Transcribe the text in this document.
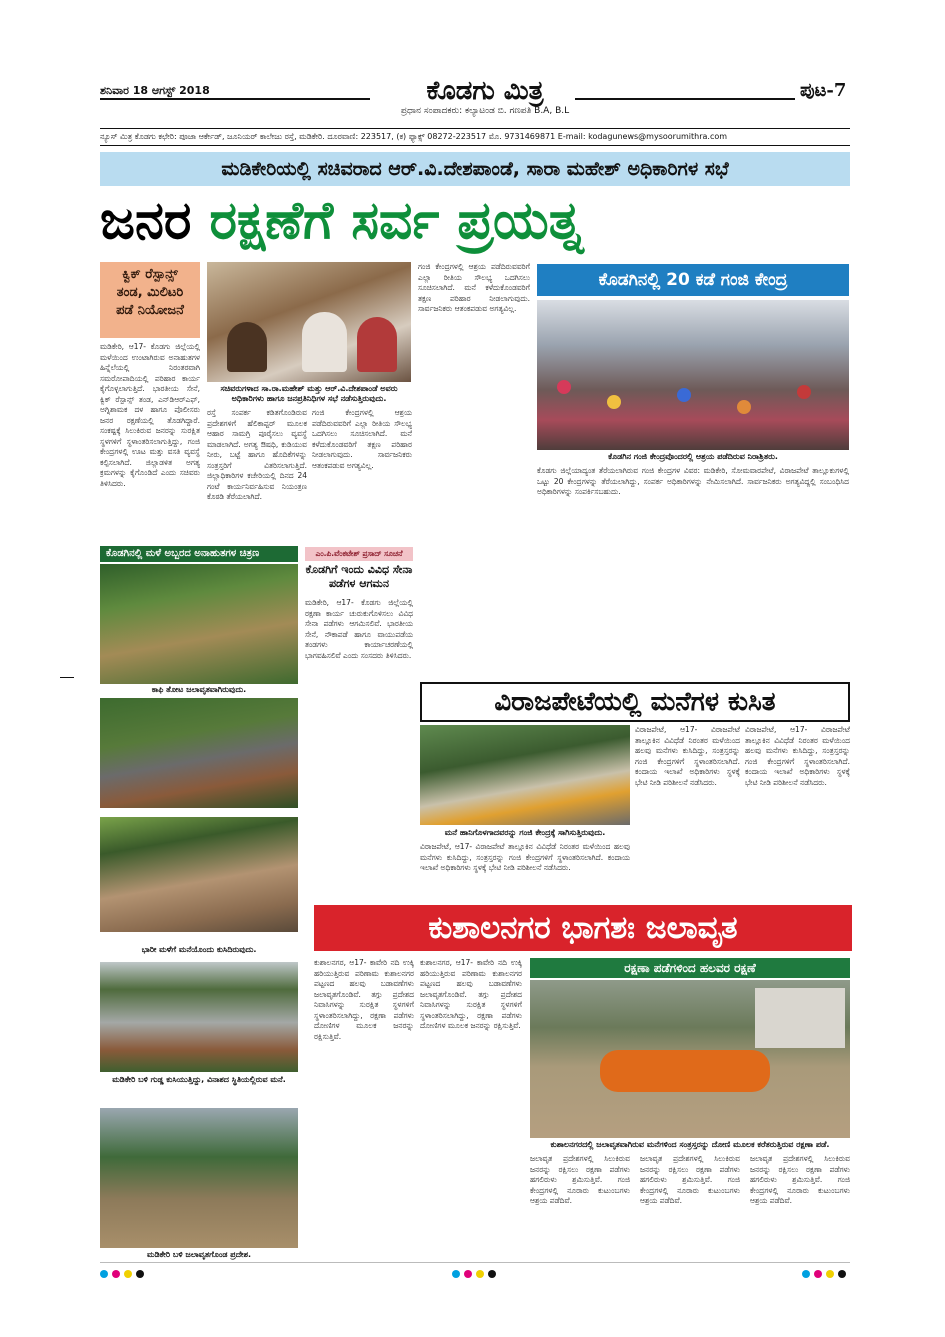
ಶನಿವಾರ 18 ಆಗಸ್ಟ್ 2018	ಕೊಡಗು ಮಿತ್ರ	ಪುಟ-7
ಪ್ರಧಾನ ಸಂಪಾದಕರು: ಕಲ್ಯಾಟಂಡ ಬಿ. ಗಣಪತಿ B.A, B.L
ನ್ಯೂಸ್ ಮಿತ್ರ ಕೊಡಗು ಕಛೇರಿ: ಪೂಜಾ ಆರ್ಕೇಡ್, ಜೂನಿಯರ್ ಕಾಲೇಜು ರಸ್ತೆ, ಮಡಿಕೇರಿ. ದೂರವಾಣಿ: 223517, (ಕ) ಫ್ಯಾಕ್ಸ್ 08272-223517 ಮೊ. 9731469871 E-mail: kodagunews@mysoorumithra.com
ಮಡಿಕೇರಿಯಲ್ಲಿ ಸಚಿವರಾದ ಆರ್.ವಿ.ದೇಶಪಾಂಡೆ, ಸಾರಾ ಮಹೇಶ್ ಅಧಿಕಾರಿಗಳ ಸಭೆ
ಜನರ ರಕ್ಷಣೆಗೆ ಸರ್ವ ಪ್ರಯತ್ನ
ಕ್ವಿಕ್ ರೆಸ್ಪಾನ್ಸ್
ತಂಡ, ಮಿಲಿಟರಿ
ಪಡೆ ನಿಯೋಜನೆ
ಮಡಿಕೇರಿ, ಆ17- ಕೊಡಗು ಜಿಲ್ಲೆಯಲ್ಲಿ ಮಳೆಯಿಂದ ಉಂಟಾಗಿರುವ ಅನಾಹುತಗಳ ಹಿನ್ನೆಲೆಯಲ್ಲಿ ನಿರಂತರವಾಗಿ ಸಮರೋಪಾದಿಯಲ್ಲಿ ಪರಿಹಾರ ಕಾರ್ಯ ಕೈಗೊಳ್ಳಲಾಗುತ್ತಿದೆ. ಭಾರತೀಯ ಸೇನೆ, ಕ್ವಿಕ್ ರೆಸ್ಪಾನ್ಸ್ ತಂಡ, ಎನ್‌ಡಿಆರ್‌ಎಫ್, ಅಗ್ನಿಶಾಮಕ ದಳ ಹಾಗೂ ಪೊಲೀಸರು ಜನರ ರಕ್ಷಣೆಯಲ್ಲಿ ತೊಡಗಿದ್ದಾರೆ. ಸಂಕಷ್ಟಕ್ಕೆ ಸಿಲುಕಿರುವ ಜನರನ್ನು ಸುರಕ್ಷಿತ ಸ್ಥಳಗಳಿಗೆ ಸ್ಥಳಾಂತರಿಸಲಾಗುತ್ತಿದ್ದು, ಗಂಜಿ ಕೇಂದ್ರಗಳಲ್ಲಿ ಊಟ ಮತ್ತು ವಸತಿ ವ್ಯವಸ್ಥೆ ಕಲ್ಪಿಸಲಾಗಿದೆ. ಜಿಲ್ಲಾಡಳಿತ ಅಗತ್ಯ ಕ್ರಮಗಳನ್ನು ಕೈಗೊಂಡಿದೆ ಎಂದು ಸಚಿವರು ತಿಳಿಸಿದರು.
ಸಚಿವರುಗಳಾದ ಸಾ.ರಾ.ಮಹೇಶ್ ಮತ್ತು ಆರ್.ವಿ.ದೇಶಪಾಂಡೆ ಅವರು ಅಧಿಕಾರಿಗಳು ಹಾಗೂ ಜನಪ್ರತಿನಿಧಿಗಳ ಸಭೆ ನಡೆಸುತ್ತಿರುವುದು.
ರಸ್ತೆ ಸಂಪರ್ಕ ಕಡಿತಗೊಂಡಿರುವ ಪ್ರದೇಶಗಳಿಗೆ ಹೆಲಿಕಾಪ್ಟರ್ ಮೂಲಕ ಆಹಾರ ಸಾಮಗ್ರಿ ಪೂರೈಸಲು ವ್ಯವಸ್ಥೆ ಮಾಡಲಾಗಿದೆ. ಅಗತ್ಯ ಔಷಧಿ, ಕುಡಿಯುವ ನೀರು, ಬಟ್ಟೆ ಹಾಗೂ ಹೊದಿಕೆಗಳನ್ನು ಸಂತ್ರಸ್ತರಿಗೆ ವಿತರಿಸಲಾಗುತ್ತಿದೆ. ಜಿಲ್ಲಾಧಿಕಾರಿಗಳ ಕಚೇರಿಯಲ್ಲಿ ದಿನದ 24 ಗಂಟೆ ಕಾರ್ಯನಿರ್ವಹಿಸುವ ನಿಯಂತ್ರಣ ಕೊಠಡಿ ತೆರೆಯಲಾಗಿದೆ.
ಗಂಜಿ ಕೇಂದ್ರಗಳಲ್ಲಿ ಆಶ್ರಯ ಪಡೆದಿರುವವರಿಗೆ ಎಲ್ಲಾ ರೀತಿಯ ಸೌಲಭ್ಯ ಒದಗಿಸಲು ಸೂಚಿಸಲಾಗಿದೆ. ಮನೆ ಕಳೆದುಕೊಂಡವರಿಗೆ ತಕ್ಷಣ ಪರಿಹಾರ ನೀಡಲಾಗುವುದು. ಸಾರ್ವಜನಿಕರು ಆತಂಕಪಡುವ ಅಗತ್ಯವಿಲ್ಲ.
ಗಂಜಿ ಕೇಂದ್ರಗಳಲ್ಲಿ ಆಶ್ರಯ ಪಡೆದಿರುವವರಿಗೆ ಎಲ್ಲಾ ರೀತಿಯ ಸೌಲಭ್ಯ ಒದಗಿಸಲು ಸೂಚಿಸಲಾಗಿದೆ. ಮನೆ ಕಳೆದುಕೊಂಡವರಿಗೆ ತಕ್ಷಣ ಪರಿಹಾರ ನೀಡಲಾಗುವುದು. ಸಾರ್ವಜನಿಕರು ಆತಂಕಪಡುವ ಅಗತ್ಯವಿಲ್ಲ.
ಕೊಡಗಿನಲ್ಲಿ 20 ಕಡೆ ಗಂಜಿ ಕೇಂದ್ರ
ಕೊಡಗಿನ ಗಂಜಿ ಕೇಂದ್ರವೊಂದರಲ್ಲಿ ಆಶ್ರಯ ಪಡೆದಿರುವ ನಿರಾಶ್ರಿತರು.
ಕೊಡಗು ಜಿಲ್ಲೆಯಾದ್ಯಂತ ತೆರೆಯಲಾಗಿರುವ ಗಂಜಿ ಕೇಂದ್ರಗಳ ವಿವರ: ಮಡಿಕೇರಿ, ಸೋಮವಾರಪೇಟೆ, ವಿರಾಜಪೇಟೆ ತಾಲ್ಲೂಕುಗಳಲ್ಲಿ ಒಟ್ಟು 20 ಕೇಂದ್ರಗಳನ್ನು ತೆರೆಯಲಾಗಿದ್ದು, ಸಂಪರ್ಕ ಅಧಿಕಾರಿಗಳನ್ನು ನೇಮಿಸಲಾಗಿದೆ. ಸಾರ್ವಜನಿಕರು ಅಗತ್ಯವಿದ್ದಲ್ಲಿ ಸಂಬಂಧಿಸಿದ ಅಧಿಕಾರಿಗಳನ್ನು ಸಂಪರ್ಕಿಸಬಹುದು.
ಕೊಡಗಿನಲ್ಲಿ ಮಳೆ ಅಬ್ಬರದ ಅನಾಹುತಗಳ ಚಿತ್ರಣ
ಕಾಫಿ ತೋಟ ಜಲಾವೃತವಾಗಿರುವುದು.
ಭಾರೀ ಮಳೆಗೆ ಮನೆಯೊಂದು ಕುಸಿದಿರುವುದು.
ಮಡಿಕೇರಿ ಬಳಿ ಗುಡ್ಡ ಕುಸಿಯುತ್ತಿದ್ದು, ವಿನಾಶದ ಸ್ಥಿತಿಯಲ್ಲಿರುವ ಮನೆ.
ಮಡಿಕೇರಿ ಬಳಿ ಜಲಾವೃತಗೊಂಡ ಪ್ರದೇಶ.
ಎಂ.ಪಿ.ವೆಂಕಟೇಶ್ ಪ್ರಸಾದ್ ಸೂಚನೆ
ಕೊಡಗಿಗೆ ಇಂದು ವಿವಿಧ ಸೇನಾ ಪಡೆಗಳ ಆಗಮನ
ಮಡಿಕೇರಿ, ಆ17- ಕೊಡಗು ಜಿಲ್ಲೆಯಲ್ಲಿ ರಕ್ಷಣಾ ಕಾರ್ಯ ಚುರುಕುಗೊಳಿಸಲು ವಿವಿಧ ಸೇನಾ ಪಡೆಗಳು ಆಗಮಿಸಲಿವೆ. ಭಾರತೀಯ ಸೇನೆ, ನೌಕಾಪಡೆ ಹಾಗೂ ವಾಯುಪಡೆಯ ತಂಡಗಳು ಕಾರ್ಯಾಚರಣೆಯಲ್ಲಿ ಭಾಗವಹಿಸಲಿವೆ ಎಂದು ಸಂಸದರು ತಿಳಿಸಿದರು.
ವಿರಾಜಪೇಟೆಯಲ್ಲಿ ಮನೆಗಳ ಕುಸಿತ
ಮನೆ ಹಾನಿಗೊಳಗಾದವರನ್ನು ಗಂಜಿ ಕೇಂದ್ರಕ್ಕೆ ಸಾಗಿಸುತ್ತಿರುವುದು.
ವಿರಾಜಪೇಟೆ, ಆ17- ವಿರಾಜಪೇಟೆ ತಾಲ್ಲೂಕಿನ ವಿವಿಧೆಡೆ ನಿರಂತರ ಮಳೆಯಿಂದ ಹಲವು ಮನೆಗಳು ಕುಸಿದಿದ್ದು, ಸಂತ್ರಸ್ತರನ್ನು ಗಂಜಿ ಕೇಂದ್ರಗಳಿಗೆ ಸ್ಥಳಾಂತರಿಸಲಾಗಿದೆ. ಕಂದಾಯ ಇಲಾಖೆ ಅಧಿಕಾರಿಗಳು ಸ್ಥಳಕ್ಕೆ ಭೇಟಿ ನೀಡಿ ಪರಿಶೀಲನೆ ನಡೆಸಿದರು.
ವಿರಾಜಪೇಟೆ, ಆ17- ವಿರಾಜಪೇಟೆ ತಾಲ್ಲೂಕಿನ ವಿವಿಧೆಡೆ ನಿರಂತರ ಮಳೆಯಿಂದ ಹಲವು ಮನೆಗಳು ಕುಸಿದಿದ್ದು, ಸಂತ್ರಸ್ತರನ್ನು ಗಂಜಿ ಕೇಂದ್ರಗಳಿಗೆ ಸ್ಥಳಾಂತರಿಸಲಾಗಿದೆ. ಕಂದಾಯ ಇಲಾಖೆ ಅಧಿಕಾರಿಗಳು ಸ್ಥಳಕ್ಕೆ ಭೇಟಿ ನೀಡಿ ಪರಿಶೀಲನೆ ನಡೆಸಿದರು.
ವಿರಾಜಪೇಟೆ, ಆ17- ವಿರಾಜಪೇಟೆ ತಾಲ್ಲೂಕಿನ ವಿವಿಧೆಡೆ ನಿರಂತರ ಮಳೆಯಿಂದ ಹಲವು ಮನೆಗಳು ಕುಸಿದಿದ್ದು, ಸಂತ್ರಸ್ತರನ್ನು ಗಂಜಿ ಕೇಂದ್ರಗಳಿಗೆ ಸ್ಥಳಾಂತರಿಸಲಾಗಿದೆ. ಕಂದಾಯ ಇಲಾಖೆ ಅಧಿಕಾರಿಗಳು ಸ್ಥಳಕ್ಕೆ ಭೇಟಿ ನೀಡಿ ಪರಿಶೀಲನೆ ನಡೆಸಿದರು.
ಕುಶಾಲನಗರ ಭಾಗಶಃ ಜಲಾವೃತ
ಕುಶಾಲನಗರ, ಆ17- ಕಾವೇರಿ ನದಿ ಉಕ್ಕಿ ಹರಿಯುತ್ತಿರುವ ಪರಿಣಾಮ ಕುಶಾಲನಗರ ಪಟ್ಟಣದ ಹಲವು ಬಡಾವಣೆಗಳು ಜಲಾವೃತಗೊಂಡಿವೆ. ತಗ್ಗು ಪ್ರದೇಶದ ನಿವಾಸಿಗಳನ್ನು ಸುರಕ್ಷಿತ ಸ್ಥಳಗಳಿಗೆ ಸ್ಥಳಾಂತರಿಸಲಾಗಿದ್ದು, ರಕ್ಷಣಾ ಪಡೆಗಳು ದೋಣಿಗಳ ಮೂಲಕ ಜನರನ್ನು ರಕ್ಷಿಸುತ್ತಿವೆ.
ಕುಶಾಲನಗರ, ಆ17- ಕಾವೇರಿ ನದಿ ಉಕ್ಕಿ ಹರಿಯುತ್ತಿರುವ ಪರಿಣಾಮ ಕುಶಾಲನಗರ ಪಟ್ಟಣದ ಹಲವು ಬಡಾವಣೆಗಳು ಜಲಾವೃತಗೊಂಡಿವೆ. ತಗ್ಗು ಪ್ರದೇಶದ ನಿವಾಸಿಗಳನ್ನು ಸುರಕ್ಷಿತ ಸ್ಥಳಗಳಿಗೆ ಸ್ಥಳಾಂತರಿಸಲಾಗಿದ್ದು, ರಕ್ಷಣಾ ಪಡೆಗಳು ದೋಣಿಗಳ ಮೂಲಕ ಜನರನ್ನು ರಕ್ಷಿಸುತ್ತಿವೆ.
ರಕ್ಷಣಾ ಪಡೆಗಳಿಂದ ಹಲವರ ರಕ್ಷಣೆ
ಕುಶಾಲನಗರದಲ್ಲಿ ಜಲಾವೃತವಾಗಿರುವ ಮನೆಗಳಿಂದ ಸಂತ್ರಸ್ತರನ್ನು ದೋಣಿ ಮೂಲಕ ಕರೆತರುತ್ತಿರುವ ರಕ್ಷಣಾ ಪಡೆ.
ಜಲಾವೃತ ಪ್ರದೇಶಗಳಲ್ಲಿ ಸಿಲುಕಿರುವ ಜನರನ್ನು ರಕ್ಷಿಸಲು ರಕ್ಷಣಾ ಪಡೆಗಳು ಹಗಲಿರುಳು ಶ್ರಮಿಸುತ್ತಿವೆ. ಗಂಜಿ ಕೇಂದ್ರಗಳಲ್ಲಿ ನೂರಾರು ಕುಟುಂಬಗಳು ಆಶ್ರಯ ಪಡೆದಿವೆ.
ಜಲಾವೃತ ಪ್ರದೇಶಗಳಲ್ಲಿ ಸಿಲುಕಿರುವ ಜನರನ್ನು ರಕ್ಷಿಸಲು ರಕ್ಷಣಾ ಪಡೆಗಳು ಹಗಲಿರುಳು ಶ್ರಮಿಸುತ್ತಿವೆ. ಗಂಜಿ ಕೇಂದ್ರಗಳಲ್ಲಿ ನೂರಾರು ಕುಟುಂಬಗಳು ಆಶ್ರಯ ಪಡೆದಿವೆ.
ಜಲಾವೃತ ಪ್ರದೇಶಗಳಲ್ಲಿ ಸಿಲುಕಿರುವ ಜನರನ್ನು ರಕ್ಷಿಸಲು ರಕ್ಷಣಾ ಪಡೆಗಳು ಹಗಲಿರುಳು ಶ್ರಮಿಸುತ್ತಿವೆ. ಗಂಜಿ ಕೇಂದ್ರಗಳಲ್ಲಿ ನೂರಾರು ಕುಟುಂಬಗಳು ಆಶ್ರಯ ಪಡೆದಿವೆ.
